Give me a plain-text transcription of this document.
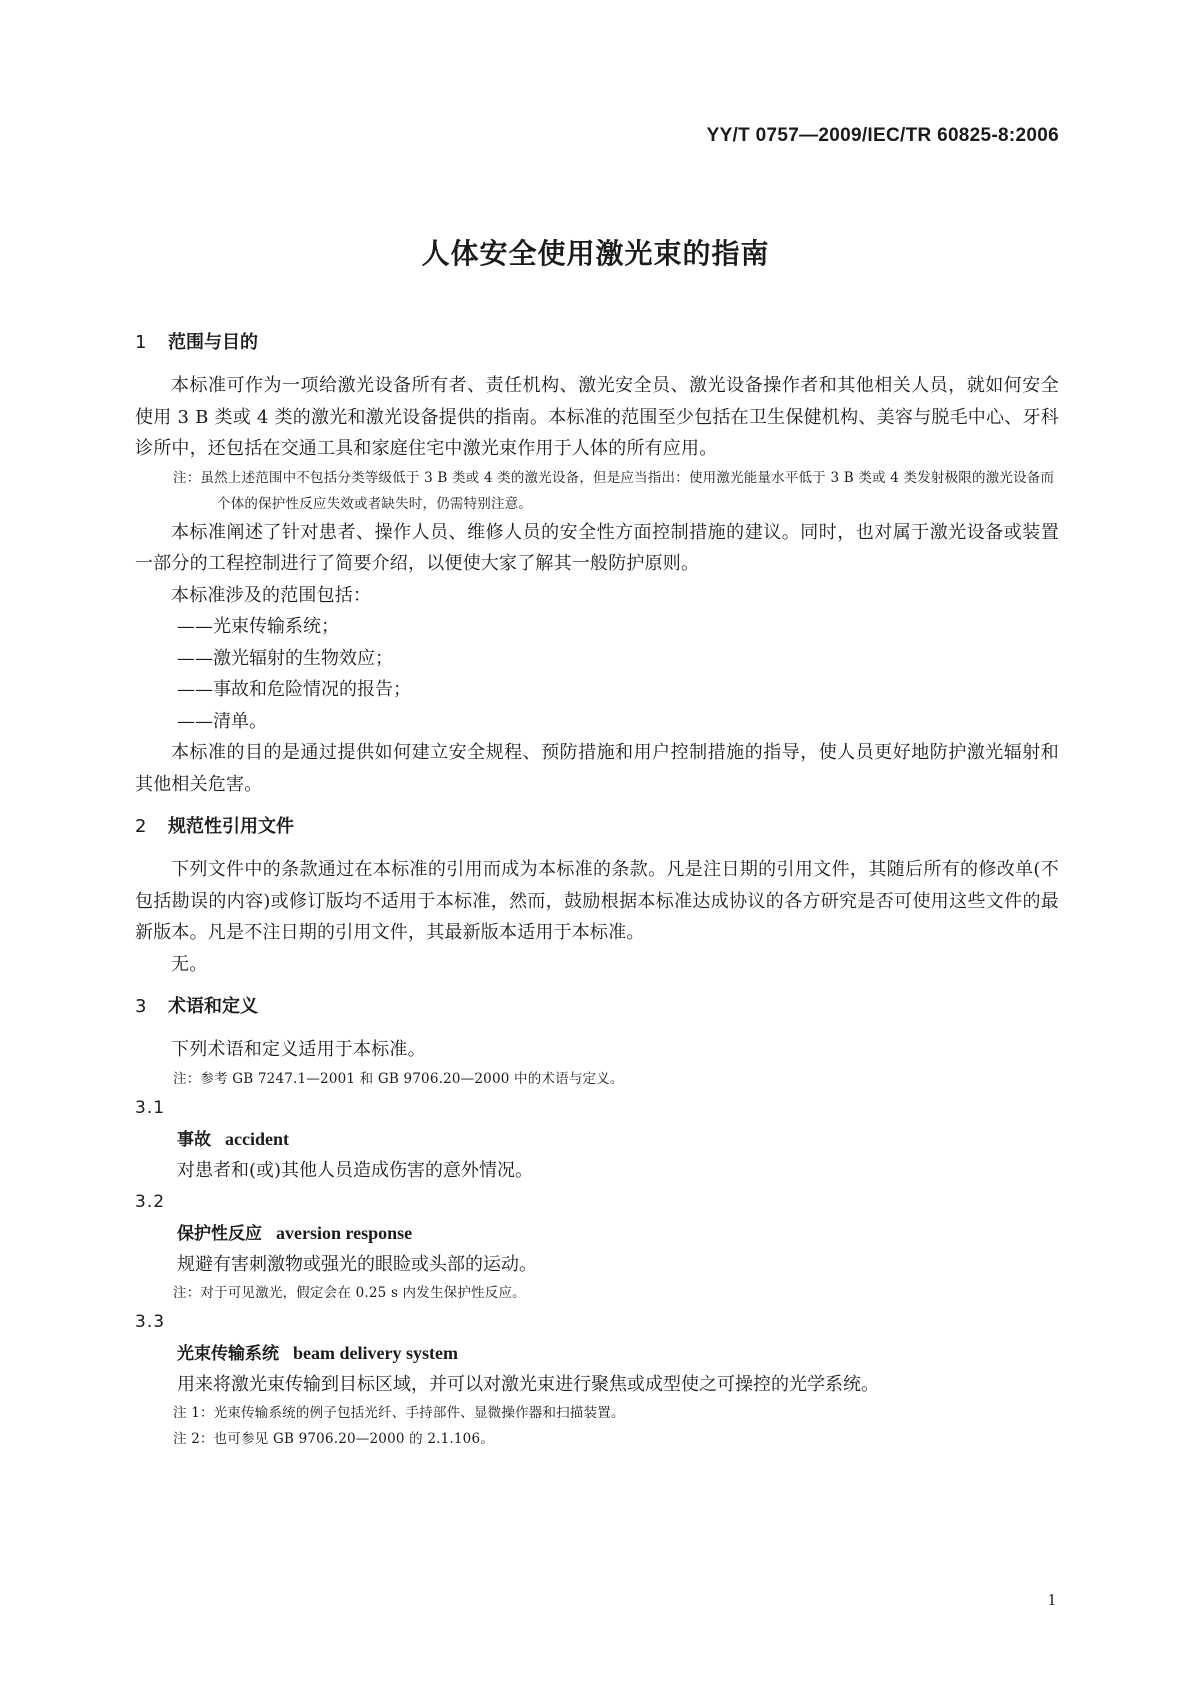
YY/T 0757—2009/IEC/TR 60825-8:2006
人体安全使用激光束的指南
1 范围与目的

本标准可作为一项给激光设备所有者、责任机构、激光安全员、激光设备操作者和其他相关人员，就如何安全使用 3 B 类或 4 类的激光和激光设备提供的指南。本标准的范围至少包括在卫生保健机构、美容与脱毛中心、牙科诊所中，还包括在交通工具和家庭住宅中激光束作用于人体的所有应用。

注：虽然上述范围中不包括分类等级低于 3 B 类或 4 类的激光设备，但是应当指出：使用激光能量水平低于 3 B 类或 4 类发射极限的激光设备而个体的保护性反应失效或者缺失时，仍需特别注意。

本标准阐述了针对患者、操作人员、维修人员的安全性方面控制措施的建议。同时，也对属于激光设备或装置一部分的工程控制进行了简要介绍，以便使大家了解其一般防护原则。

本标准涉及的范围包括：

——光束传输系统；

——激光辐射的生物效应；

——事故和危险情况的报告；

——清单。

本标准的目的是通过提供如何建立安全规程、预防措施和用户控制措施的指导，使人员更好地防护激光辐射和其他相关危害。

2 规范性引用文件

下列文件中的条款通过在本标准的引用而成为本标准的条款。凡是注日期的引用文件，其随后所有的修改单(不包括勘误的内容)或修订版均不适用于本标准，然而，鼓励根据本标准达成协议的各方研究是否可使用这些文件的最新版本。凡是不注日期的引用文件，其最新版本适用于本标准。

无。

3 术语和定义

下列术语和定义适用于本标准。

注：参考 GB 7247.1—2001 和 GB 9706.20—2000 中的术语与定义。

3.1

事故 accident

对患者和(或)其他人员造成伤害的意外情况。

3.2

保护性反应 aversion response

规避有害刺激物或强光的眼睑或头部的运动。

注：对于可见激光，假定会在 0.25 s 内发生保护性反应。

3.3

光束传输系统 beam delivery system

用来将激光束传输到目标区域，并可以对激光束进行聚焦或成型使之可操控的光学系统。

注 1：光束传输系统的例子包括光纤、手持部件、显微操作器和扫描装置。

注 2：也可参见 GB 9706.20—2000 的 2.1.106。

1
